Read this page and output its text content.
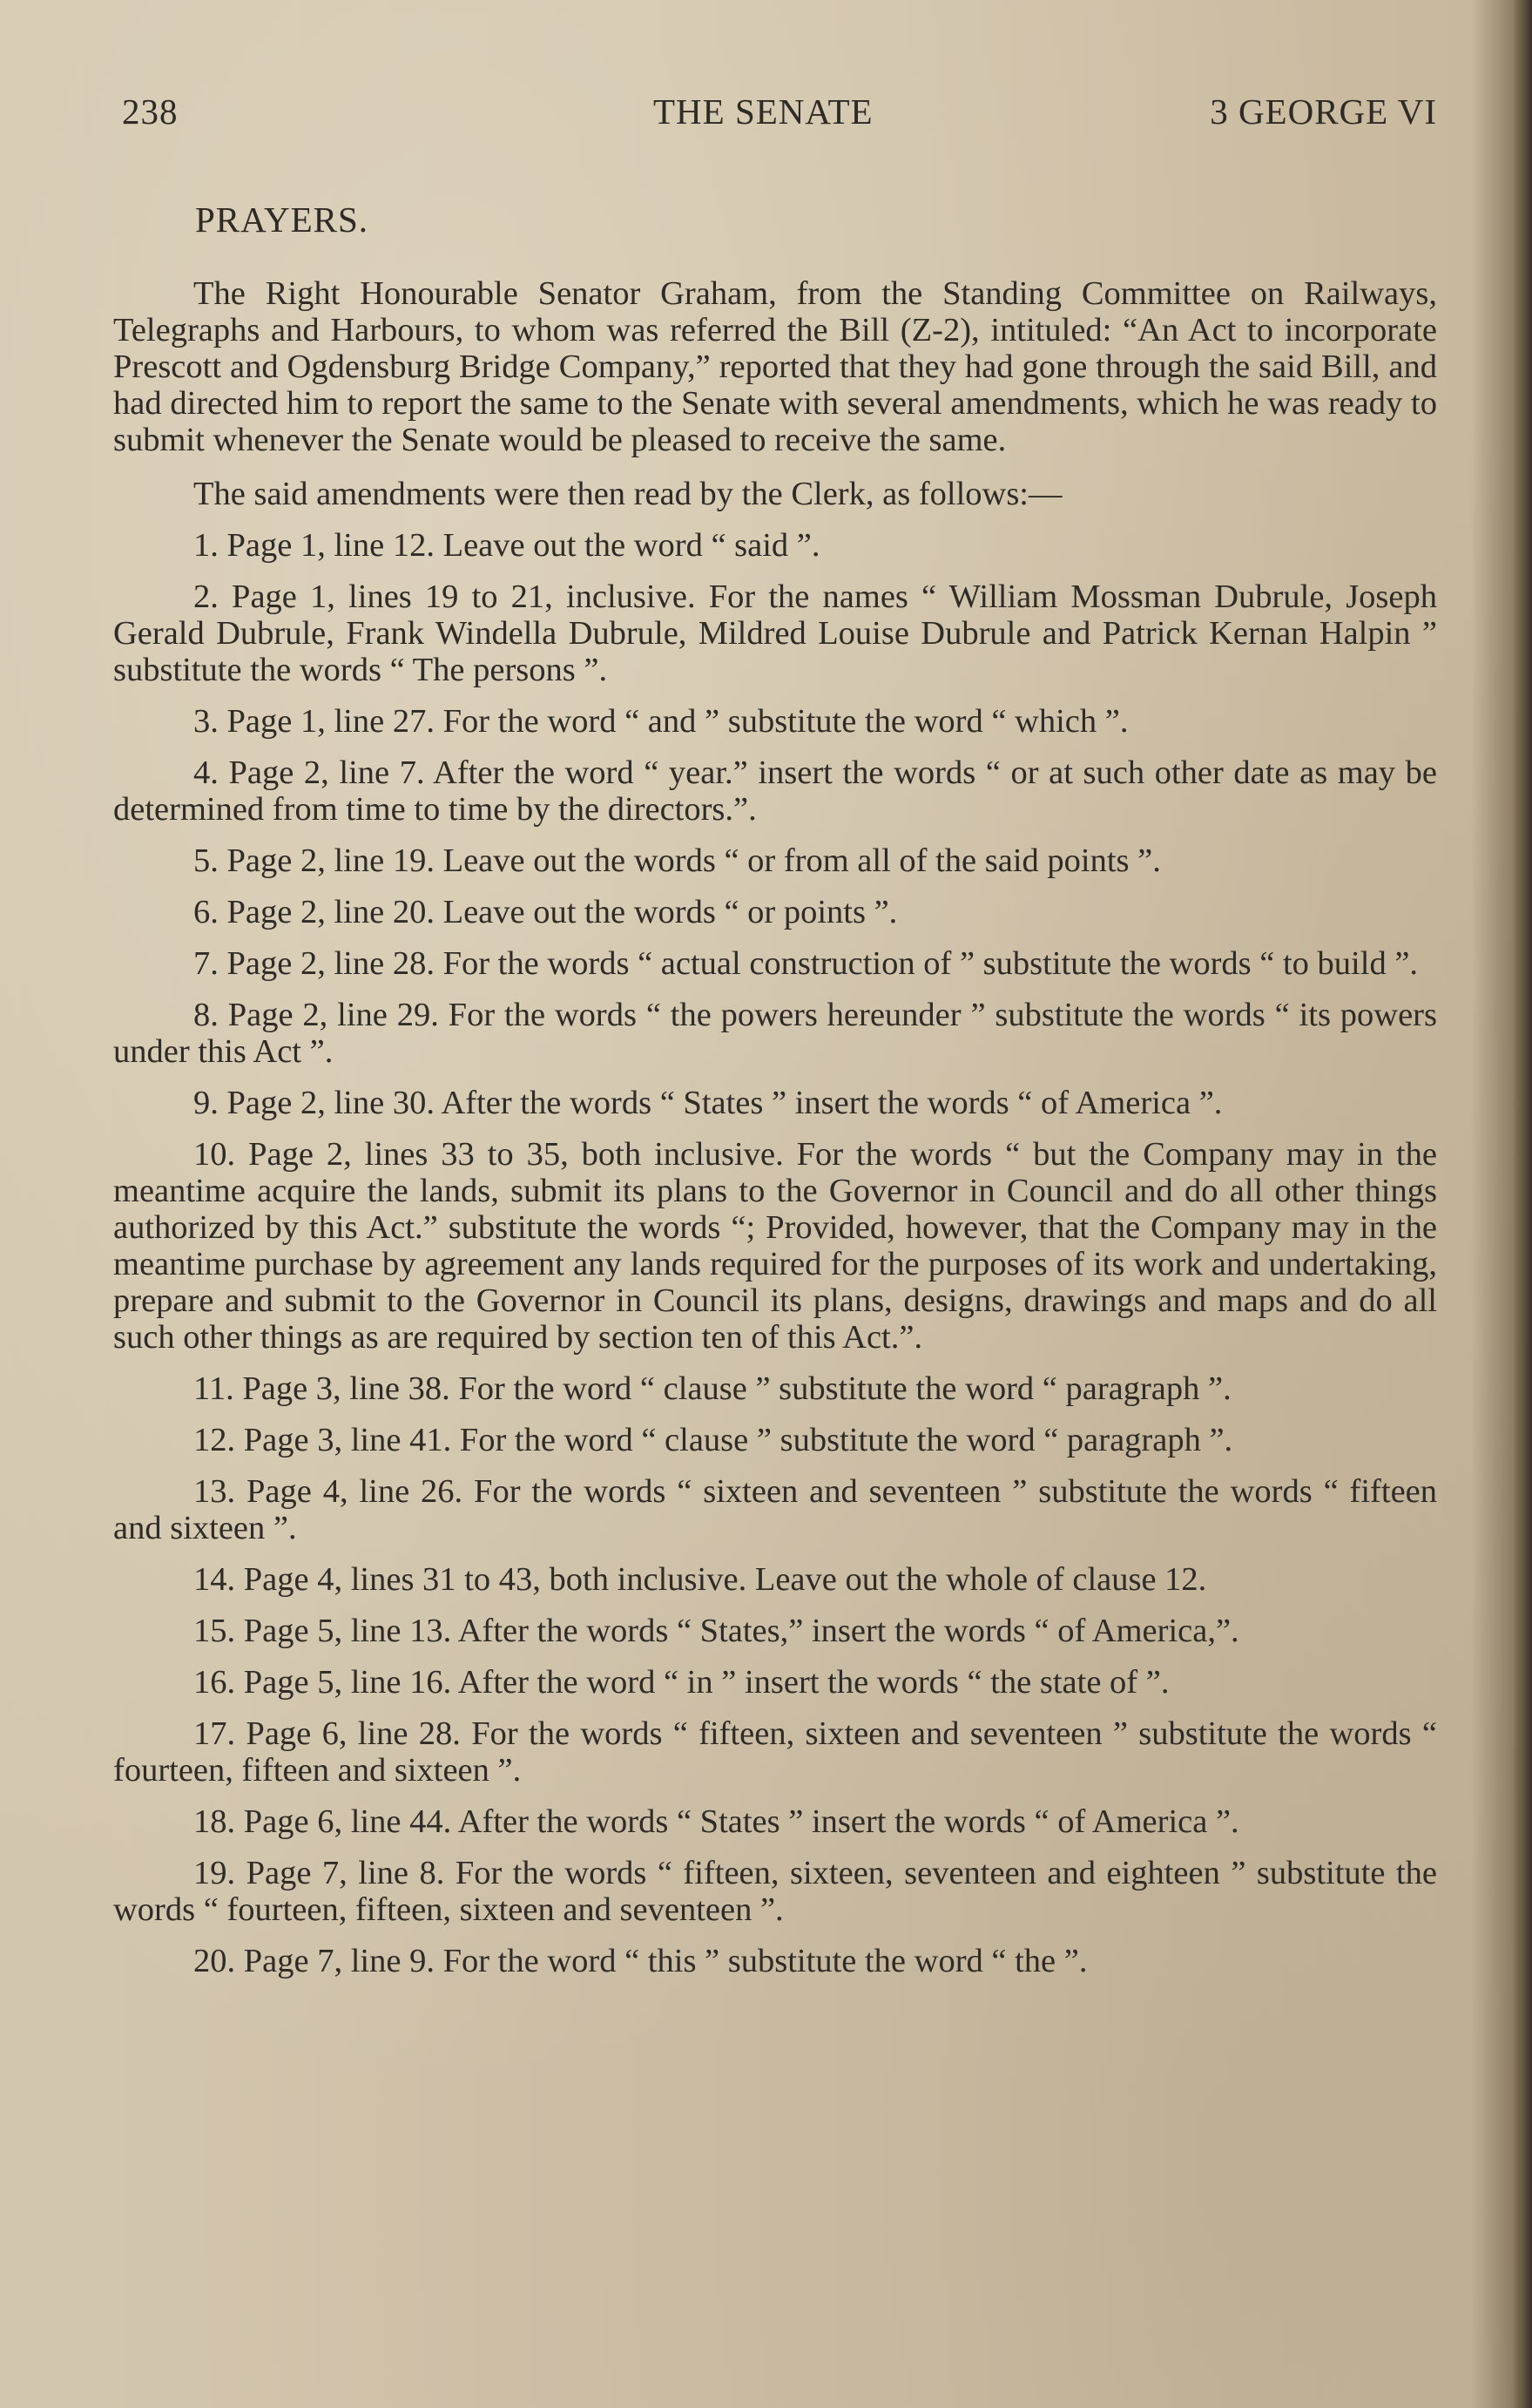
238	THE SENATE	3 GEORGE VI
PRAYERS.

The Right Honourable Senator Graham, from the Standing Committee on Railways, Telegraphs and Harbours, to whom was referred the Bill (Z-2), intituled: “An Act to incorporate Prescott and Ogdensburg Bridge Company,” reported that they had gone through the said Bill, and had directed him to report the same to the Senate with several amendments, which he was ready to submit whenever the Senate would be pleased to receive the same.

The said amendments were then read by the Clerk, as follows:—

1. Page 1, line 12. Leave out the word “ said ”.

2. Page 1, lines 19 to 21, inclusive. For the names “ William Mossman Dubrule, Joseph Gerald Dubrule, Frank Windella Dubrule, Mildred Louise Dubrule and Patrick Kernan Halpin ” substitute the words “ The persons ”.

3. Page 1, line 27. For the word “ and ” substitute the word “ which ”.

4. Page 2, line 7. After the word “ year.” insert the words “ or at such other date as may be determined from time to time by the directors.”.

5. Page 2, line 19. Leave out the words “ or from all of the said points ”.

6. Page 2, line 20. Leave out the words “ or points ”.

7. Page 2, line 28. For the words “ actual construction of ” substitute the words “ to build ”.

8. Page 2, line 29. For the words “ the powers hereunder ” substitute the words “ its powers under this Act ”.

9. Page 2, line 30. After the words “ States ” insert the words “ of America ”.

10. Page 2, lines 33 to 35, both inclusive. For the words “ but the Company may in the meantime acquire the lands, submit its plans to the Governor in Council and do all other things authorized by this Act.” substitute the words “; Provided, however, that the Company may in the meantime purchase by agreement any lands required for the purposes of its work and undertaking, prepare and submit to the Governor in Council its plans, designs, drawings and maps and do all such other things as are required by section ten of this Act.”.

11. Page 3, line 38. For the word “ clause ” substitute the word “ paragraph ”.

12. Page 3, line 41. For the word “ clause ” substitute the word “ paragraph ”.

13. Page 4, line 26. For the words “ sixteen and seventeen ” substitute the words “ fifteen and sixteen ”.

14. Page 4, lines 31 to 43, both inclusive. Leave out the whole of clause 12.

15. Page 5, line 13. After the words “ States,” insert the words “ of America,”.

16. Page 5, line 16. After the word “ in ” insert the words “ the state of ”.

17. Page 6, line 28. For the words “ fifteen, sixteen and seventeen ” substitute the words “ fourteen, fifteen and sixteen ”.

18. Page 6, line 44. After the words “ States ” insert the words “ of America ”.

19. Page 7, line 8. For the words “ fifteen, sixteen, seventeen and eighteen ” substitute the words “ fourteen, fifteen, sixteen and seventeen ”.

20. Page 7, line 9. For the word “ this ” substitute the word “ the ”.
